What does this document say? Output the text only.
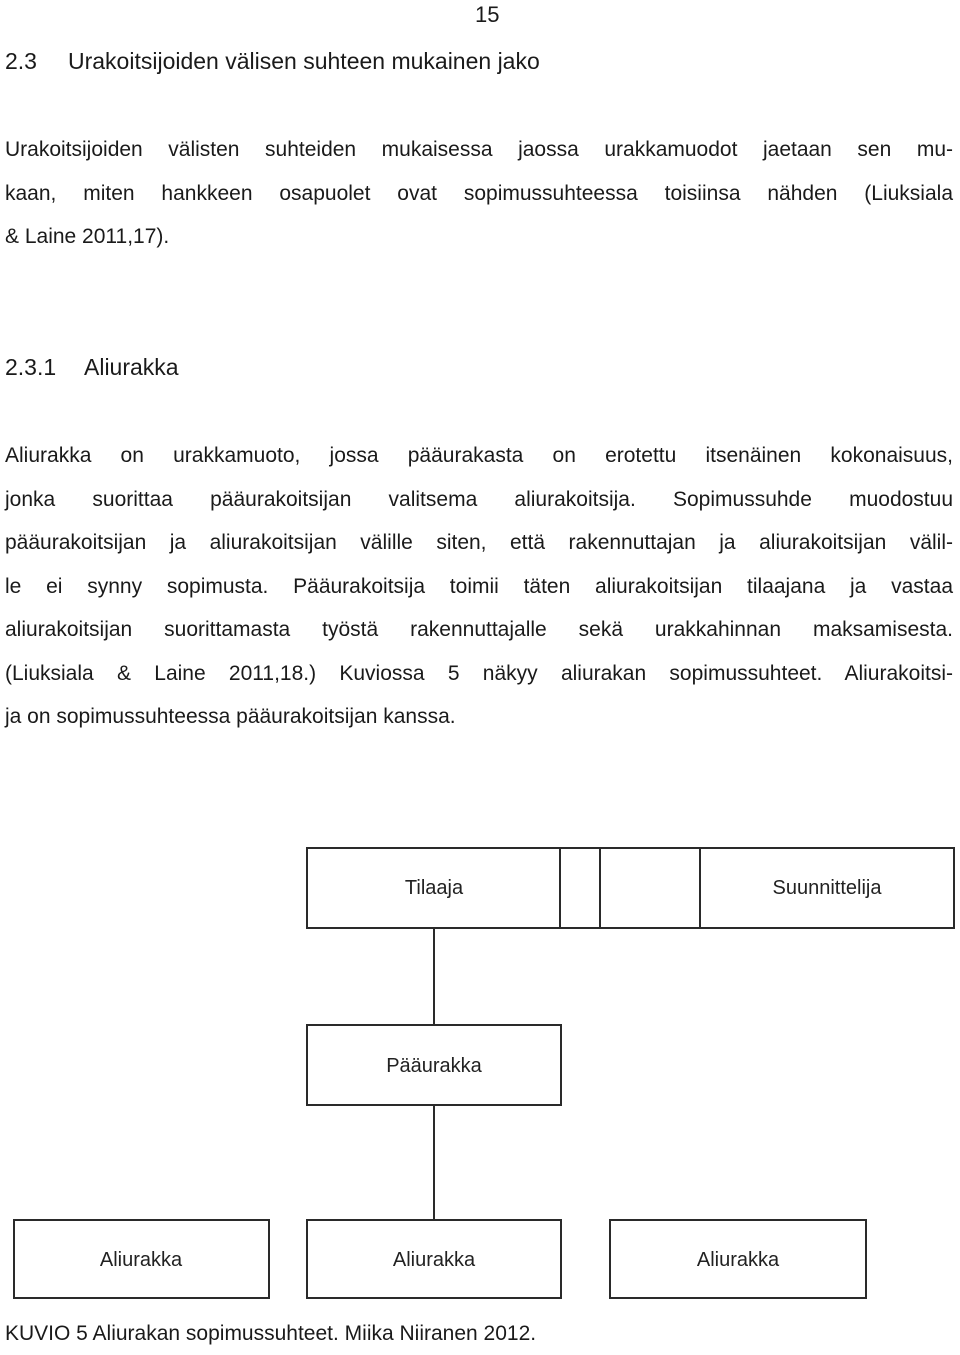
15
2.3 Urakoitsijoiden välisen suhteen mukainen jako
Urakoitsijoiden välisten suhteiden mukaisessa jaossa urakkamuodot jaetaan sen mu-
kaan, miten hankkeen osapuolet ovat sopimussuhteessa toisiinsa nähden (Liuksiala
& Laine 2011,17).
2.3.1 Aliurakka
Aliurakka on urakkamuoto, jossa pääurakasta on erotettu itsenäinen kokonaisuus,
jonka suorittaa pääurakoitsijan valitsema aliurakoitsija. Sopimussuhde muodostuu
pääurakoitsijan ja aliurakoitsijan välille siten, että rakennuttajan ja aliurakoitsijan välil-
le ei synny sopimusta. Pääurakoitsija toimii täten aliurakoitsijan tilaajana ja vastaa
aliurakoitsijan suorittamasta työstä rakennuttajalle sekä urakkahinnan maksamisesta.
(Liuksiala & Laine 2011,18.) Kuviossa 5 näkyy aliurakan sopimussuhteet. Aliurakoitsi-
ja on sopimussuhteessa pääurakoitsijan kanssa.
Tilaaja	Suunnittelija
Pääurakka
Aliurakka	Aliurakka	Aliurakka
KUVIO 5 Aliurakan sopimussuhteet. Miika Niiranen 2012.
